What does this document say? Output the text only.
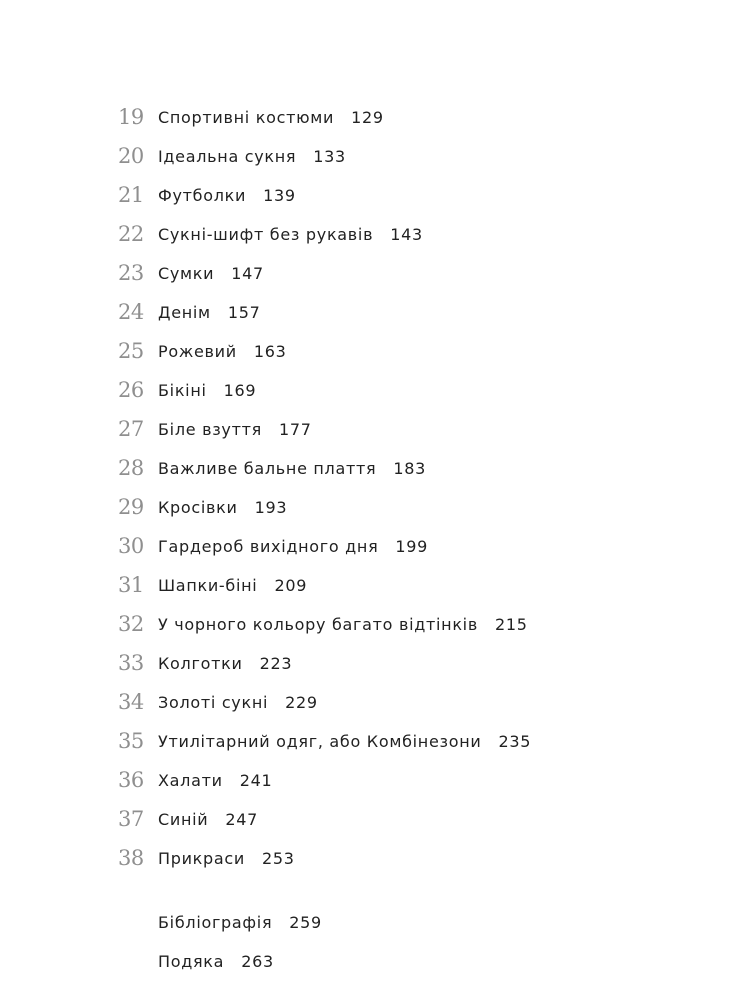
19 Спортивні костюми 129
20 Ідеальна сукня 133
21 Футболки 139
22 Сукні-шифт без рукавів 143
23 Сумки 147
24 Денім 157
25 Рожевий 163
26 Бікіні 169
27 Біле взуття 177
28 Важливе бальне плаття 183
29 Кросівки 193
30 Гардероб вихідного дня 199
31 Шапки-біні 209
32 У чорного кольору багато відтінків 215
33 Колготки 223
34 Золоті сукні 229
35 Утилітарний одяг, або Комбінезони 235
36 Халати 241
37 Синій 247
38 Прикраси 253
Бібліографія 259
Подяка 263
